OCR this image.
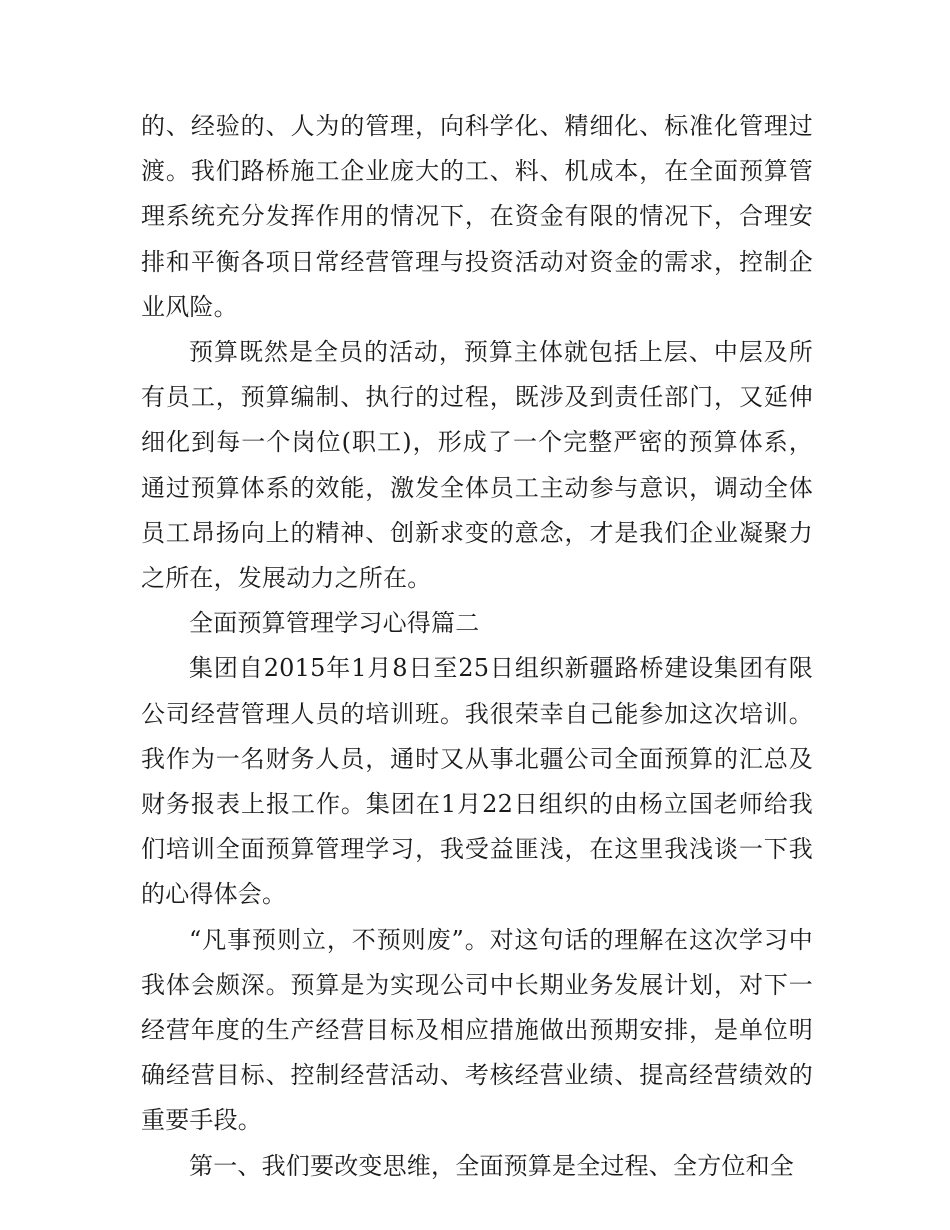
的、经验的、人为的管理，向科学化、精细化、标准化管理过渡。我们路桥施工企业庞大的工、料、机成本，在全面预算管理系统充分发挥作用的情况下，在资金有限的情况下，合理安排和平衡各项日常经营管理与投资活动对资金的需求，控制企业风险。

预算既然是全员的活动，预算主体就包括上层、中层及所有员工，预算编制、执行的过程，既涉及到责任部门，又延伸细化到每一个岗位(职工)，形成了一个完整严密的预算体系，通过预算体系的效能，激发全体员工主动参与意识，调动全体员工昂扬向上的精神、创新求变的意念，才是我们企业凝聚力之所在，发展动力之所在。

全面预算管理学习心得篇二

集团自2015年1月8日至25日组织新疆路桥建设集团有限公司经营管理人员的培训班。我很荣幸自己能参加这次培训。我作为一名财务人员，通时又从事北疆公司全面预算的汇总及财务报表上报工作。集团在1月22日组织的由杨立国老师给我们培训全面预算管理学习，我受益匪浅，在这里我浅谈一下我的心得体会。

“凡事预则立，不预则废”。对这句话的理解在这次学习中我体会颇深。预算是为实现公司中长期业务发展计划，对下一经营年度的生产经营目标及相应措施做出预期安排，是单位明确经营目标、控制经营活动、考核经营业绩、提高经营绩效的重要手段。

第一、我们要改变思维，全面预算是全过程、全方位和全
